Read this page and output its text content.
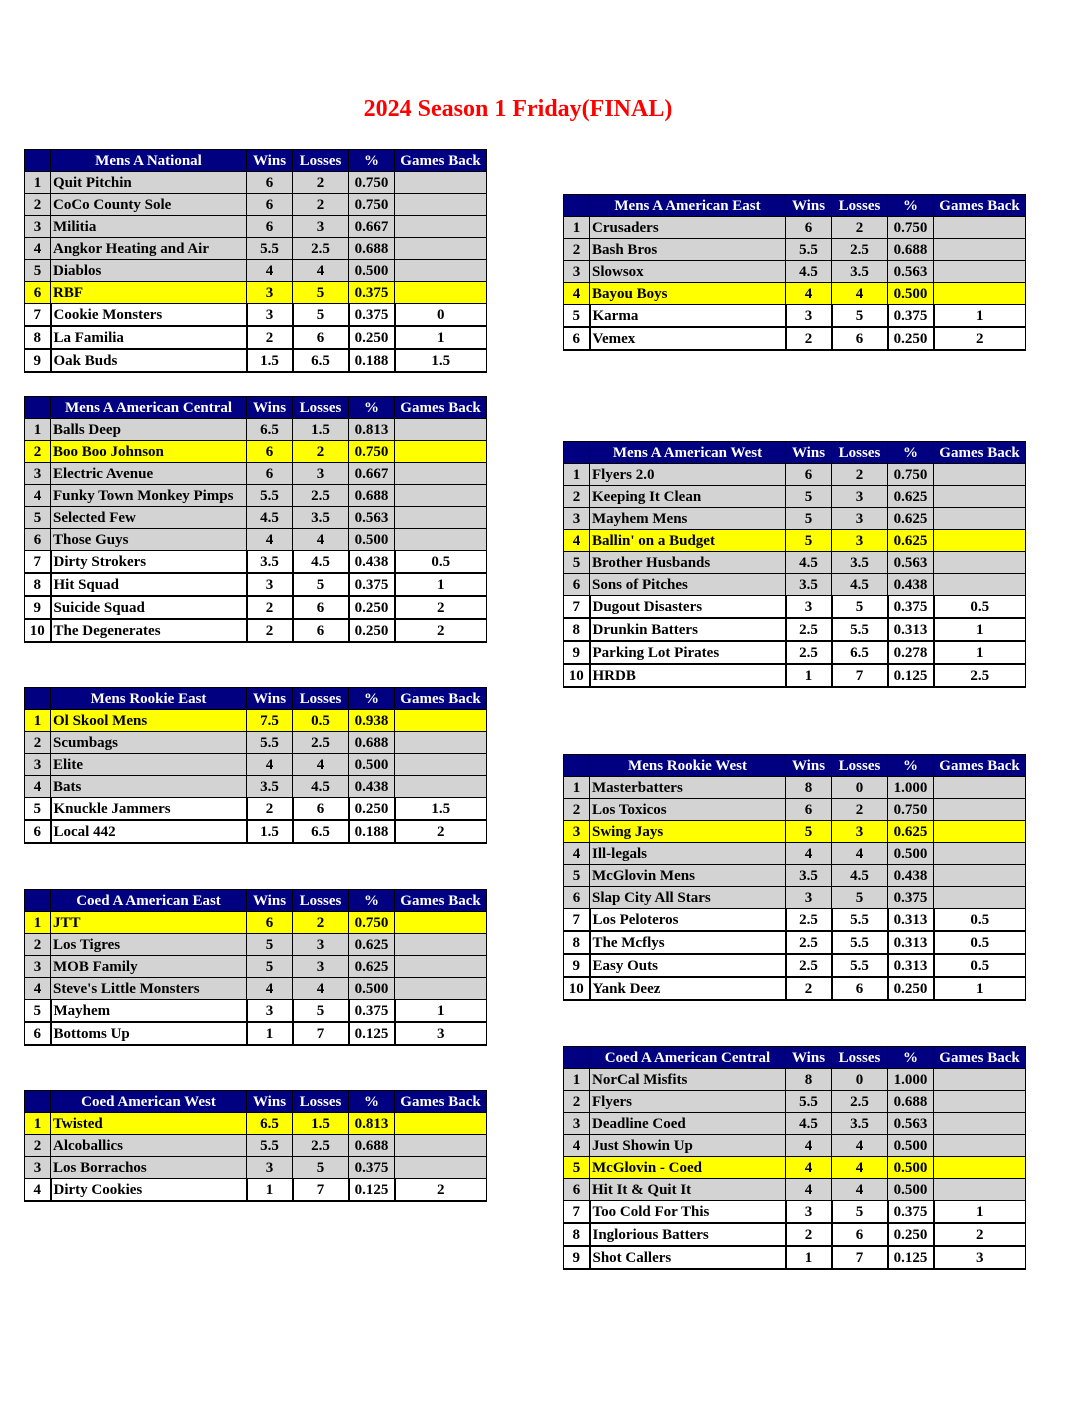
2024 Season 1 Friday(FINAL)
	Mens A National	Wins	Losses	%	Games Back
1	Quit Pitchin	6	2	0.750	
2	CoCo County Sole	6	2	0.750	
3	Militia	6	3	0.667	
4	Angkor Heating and Air	5.5	2.5	0.688	
5	Diablos	4	4	0.500	
6	RBF	3	5	0.375	
7	Cookie Monsters	3	5	0.375	0
8	La Familia	2	6	0.250	1
9	Oak Buds	1.5	6.5	0.188	1.5
	Mens A American East	Wins	Losses	%	Games Back
1	Crusaders	6	2	0.750	
2	Bash Bros	5.5	2.5	0.688	
3	Slowsox	4.5	3.5	0.563	
4	Bayou Boys	4	4	0.500	
5	Karma	3	5	0.375	1
6	Vemex	2	6	0.250	2
	Mens A American Central	Wins	Losses	%	Games Back
1	Balls Deep	6.5	1.5	0.813	
2	Boo Boo Johnson	6	2	0.750	
3	Electric Avenue	6	3	0.667	
4	Funky Town Monkey Pimps	5.5	2.5	0.688	
5	Selected Few	4.5	3.5	0.563	
6	Those Guys	4	4	0.500	
7	Dirty Strokers	3.5	4.5	0.438	0.5
8	Hit Squad	3	5	0.375	1
9	Suicide Squad	2	6	0.250	2
10	The Degenerates	2	6	0.250	2
	Mens A American West	Wins	Losses	%	Games Back
1	Flyers 2.0	6	2	0.750	
2	Keeping It Clean	5	3	0.625	
3	Mayhem Mens	5	3	0.625	
4	Ballin' on a Budget	5	3	0.625	
5	Brother Husbands	4.5	3.5	0.563	
6	Sons of Pitches	3.5	4.5	0.438	
7	Dugout Disasters	3	5	0.375	0.5
8	Drunkin Batters	2.5	5.5	0.313	1
9	Parking Lot Pirates	2.5	6.5	0.278	1
10	HRDB	1	7	0.125	2.5
	Mens Rookie East	Wins	Losses	%	Games Back
1	Ol Skool Mens	7.5	0.5	0.938	
2	Scumbags	5.5	2.5	0.688	
3	Elite	4	4	0.500	
4	Bats	3.5	4.5	0.438	
5	Knuckle Jammers	2	6	0.250	1.5
6	Local 442	1.5	6.5	0.188	2
	Mens Rookie West	Wins	Losses	%	Games Back
1	Masterbatters	8	0	1.000	
2	Los Toxicos	6	2	0.750	
3	Swing Jays	5	3	0.625	
4	Ill-legals	4	4	0.500	
5	McGlovin Mens	3.5	4.5	0.438	
6	Slap City All Stars	3	5	0.375	
7	Los Peloteros	2.5	5.5	0.313	0.5
8	The Mcflys	2.5	5.5	0.313	0.5
9	Easy Outs	2.5	5.5	0.313	0.5
10	Yank Deez	2	6	0.250	1
	Coed A American East	Wins	Losses	%	Games Back
1	JTT	6	2	0.750	
2	Los Tigres	5	3	0.625	
3	MOB Family	5	3	0.625	
4	Steve's Little Monsters	4	4	0.500	
5	Mayhem	3	5	0.375	1
6	Bottoms Up	1	7	0.125	3
	Coed A American Central	Wins	Losses	%	Games Back
1	NorCal Misfits	8	0	1.000	
2	Flyers	5.5	2.5	0.688	
3	Deadline Coed	4.5	3.5	0.563	
4	Just Showin Up	4	4	0.500	
5	McGlovin - Coed	4	4	0.500	
6	Hit It & Quit It	4	4	0.500	
7	Too Cold For This	3	5	0.375	1
8	Inglorious Batters	2	6	0.250	2
9	Shot Callers	1	7	0.125	3
	Coed American West	Wins	Losses	%	Games Back
1	Twisted	6.5	1.5	0.813	
2	Alcoballics	5.5	2.5	0.688	
3	Los Borrachos	3	5	0.375	
4	Dirty Cookies	1	7	0.125	2
